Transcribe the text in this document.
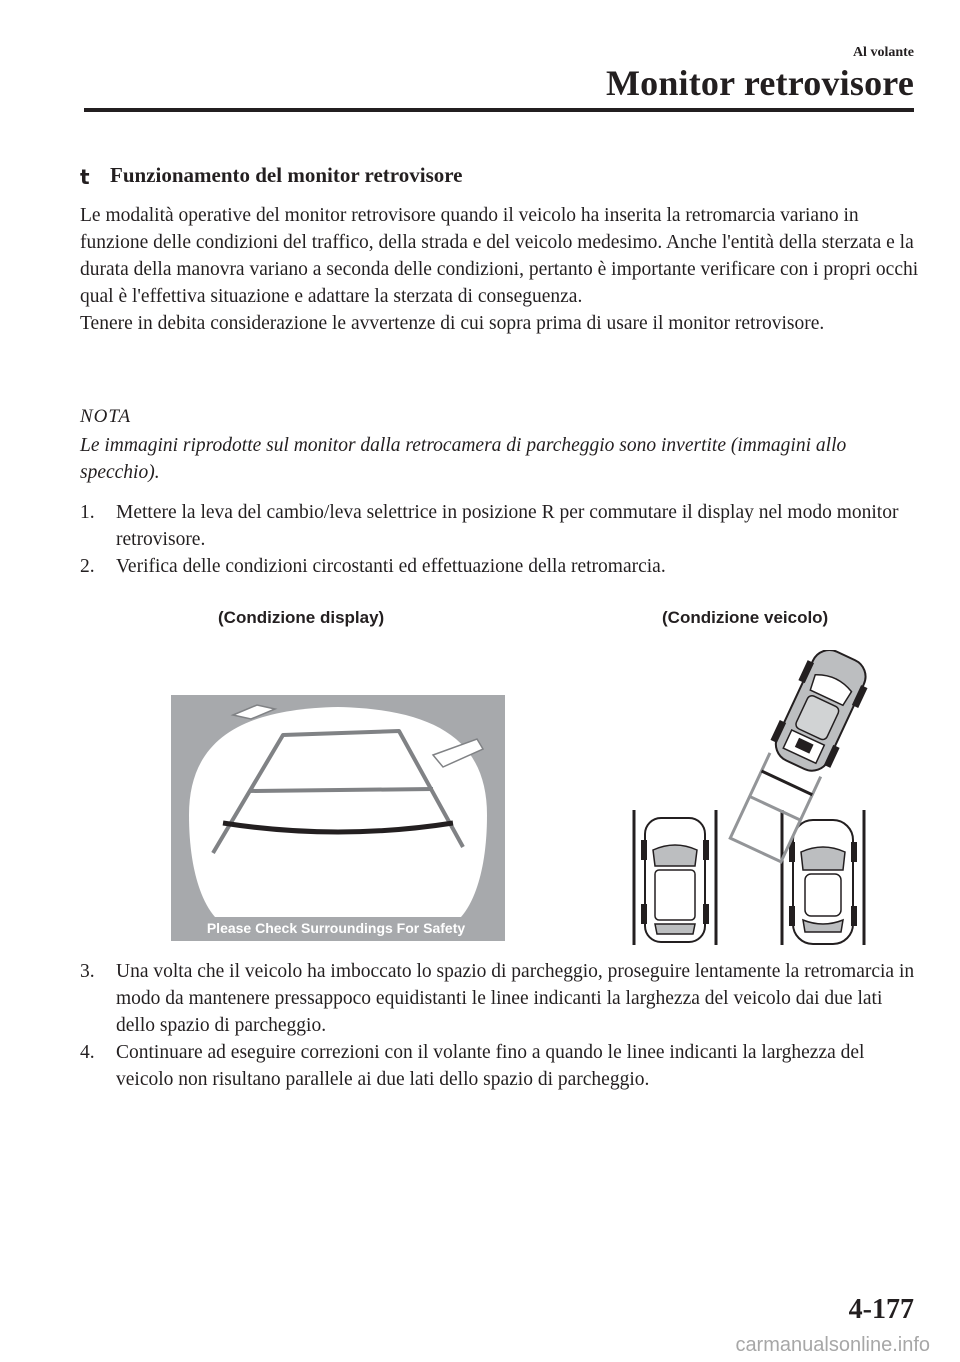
Al volante
Monitor retrovisore
t Funzionamento del monitor retrovisore

Le modalità operative del monitor retrovisore quando il veicolo ha inserita la retromarcia variano in funzione delle condizioni del traffico, della strada e del veicolo medesimo. Anche l'entità della sterzata e la durata della manovra variano a seconda delle condizioni, pertanto è importante verificare con i propri occhi qual è l'effettiva situazione e adattare la sterzata di conseguenza.

Tenere in debita considerazione le avvertenze di cui sopra prima di usare il monitor retrovisore.

NOTA
Le immagini riprodotte sul monitor dalla retrocamera di parcheggio sono invertite (immagini allo specchio).
1.	Mettere la leva del cambio/leva selettrice in posizione R per commutare il display nel modo monitor retrovisore.
2.	Verifica delle condizioni circostanti ed effettuazione della retromarcia.
(Condizione display)	(Condizione veicolo)
Please Check Surroundings For Safety
3.	Una volta che il veicolo ha imboccato lo spazio di parcheggio, proseguire lentamente la retromarcia in modo da mantenere pressappoco equidistanti le linee indicanti la larghezza del veicolo dai due lati dello spazio di parcheggio.
4.	Continuare ad eseguire correzioni con il volante fino a quando le linee indicanti la larghezza del veicolo non risultano parallele ai due lati dello spazio di parcheggio.
4-177
carmanualsonline.info
